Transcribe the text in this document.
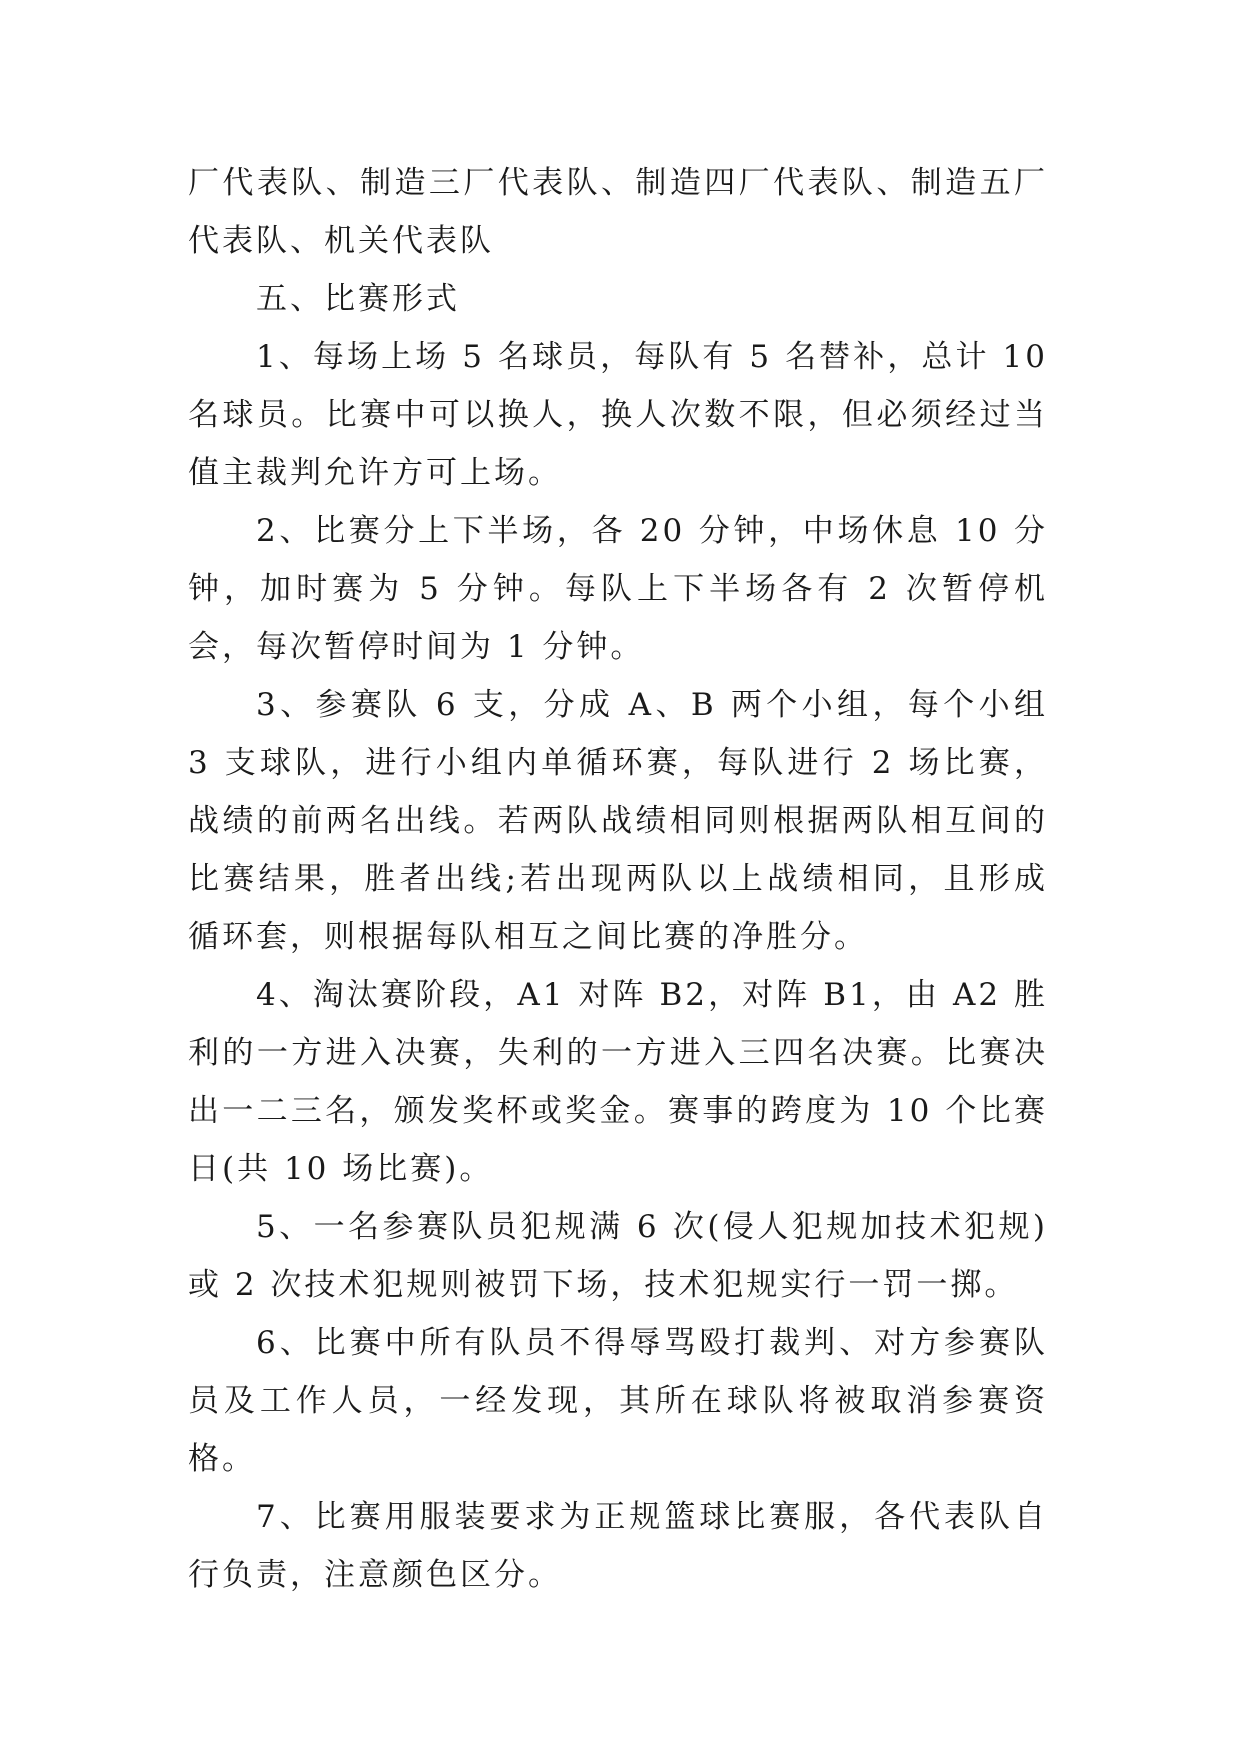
厂代表队、制造三厂代表队、制造四厂代表队、制造五厂代表队、机关代表队

五、比赛形式

1、每场上场 5 名球员，每队有 5 名替补，总计 10 名球员。比赛中可以换人，换人次数不限，但必须经过当值主裁判允许方可上场。

2、比赛分上下半场，各 20 分钟，中场休息 10 分钟，加时赛为 5 分钟。每队上下半场各有 2 次暂停机会，每次暂停时间为 1 分钟。

3、参赛队 6 支，分成 A、B 两个小组，每个小组 3 支球队，进行小组内单循环赛，每队进行 2 场比赛，战绩的前两名出线。若两队战绩相同则根据两队相互间的比赛结果，胜者出线;若出现两队以上战绩相同，且形成循环套，则根据每队相互之间比赛的净胜分。

4、淘汰赛阶段，A1 对阵 B2，对阵 B1，由 A2 胜利的一方进入决赛，失利的一方进入三四名决赛。比赛决出一二三名，颁发奖杯或奖金。赛事的跨度为 10 个比赛日(共 10 场比赛)。

5、一名参赛队员犯规满 6 次(侵人犯规加技术犯规)或 2 次技术犯规则被罚下场，技术犯规实行一罚一掷。

6、比赛中所有队员不得辱骂殴打裁判、对方参赛队员及工作人员，一经发现，其所在球队将被取消参赛资格。

7、比赛用服装要求为正规篮球比赛服，各代表队自行负责，注意颜色区分。
